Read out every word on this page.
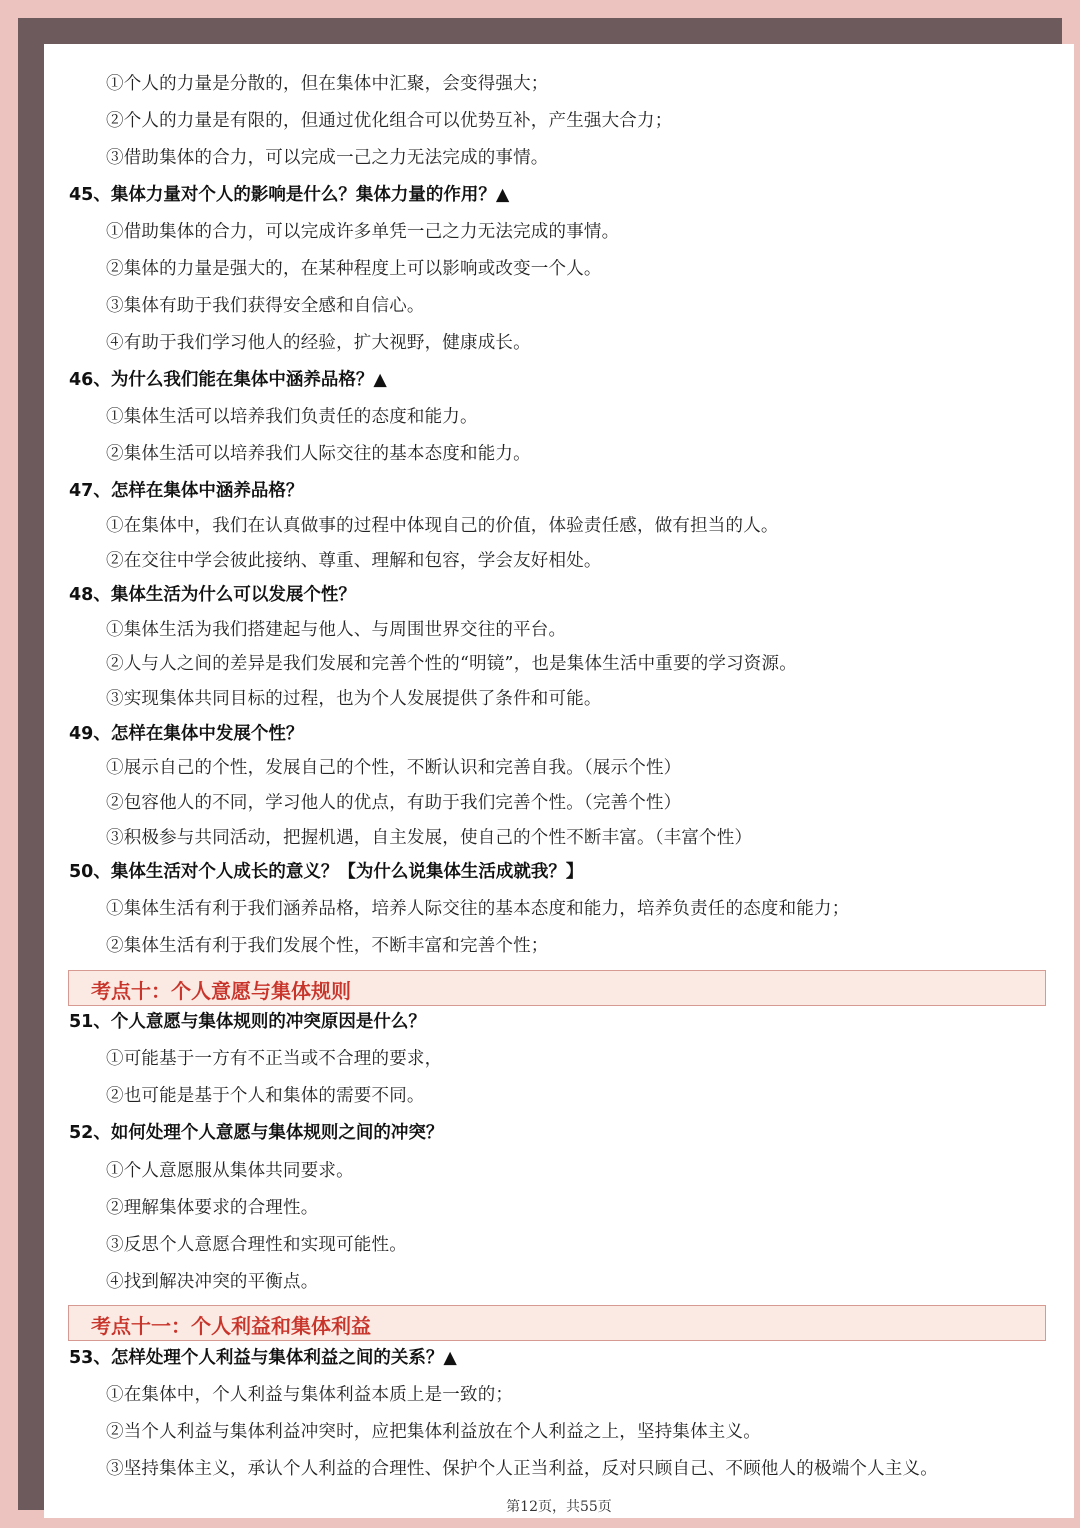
①个人的力量是分散的，但在集体中汇聚，会变得强大；
②个人的力量是有限的，但通过优化组合可以优势互补，产生强大合力；
③借助集体的合力，可以完成一己之力无法完成的事情。
45、集体力量对个人的影响是什么？集体力量的作用？▲
①借助集体的合力，可以完成许多单凭一己之力无法完成的事情。
②集体的力量是强大的，在某种程度上可以影响或改变一个人。
③集体有助于我们获得安全感和自信心。
④有助于我们学习他人的经验，扩大视野，健康成长。
46、为什么我们能在集体中涵养品格？▲
①集体生活可以培养我们负责任的态度和能力。
②集体生活可以培养我们人际交往的基本态度和能力。
47、怎样在集体中涵养品格？
①在集体中，我们在认真做事的过程中体现自己的价值，体验责任感，做有担当的人。
②在交往中学会彼此接纳、尊重、理解和包容，学会友好相处。
48、集体生活为什么可以发展个性？
①集体生活为我们搭建起与他人、与周围世界交往的平台。
②人与人之间的差异是我们发展和完善个性的“明镜”，也是集体生活中重要的学习资源。
③实现集体共同目标的过程，也为个人发展提供了条件和可能。
49、怎样在集体中发展个性？
①展示自己的个性，发展自己的个性，不断认识和完善自我。（展示个性）
②包容他人的不同，学习他人的优点，有助于我们完善个性。（完善个性）
③积极参与共同活动，把握机遇，自主发展，使自己的个性不断丰富。（丰富个性）
50、集体生活对个人成长的意义？【为什么说集体生活成就我？】
①集体生活有利于我们涵养品格，培养人际交往的基本态度和能力，培养负责任的态度和能力；
②集体生活有利于我们发展个性，不断丰富和完善个性；
考点十：个人意愿与集体规则
51、个人意愿与集体规则的冲突原因是什么？
①可能基于一方有不正当或不合理的要求，
②也可能是基于个人和集体的需要不同。
52、如何处理个人意愿与集体规则之间的冲突？
①个人意愿服从集体共同要求。
②理解集体要求的合理性。
③反思个人意愿合理性和实现可能性。
④找到解决冲突的平衡点。
考点十一：个人利益和集体利益
53、怎样处理个人利益与集体利益之间的关系？▲
①在集体中，个人利益与集体利益本质上是一致的；
②当个人利益与集体利益冲突时，应把集体利益放在个人利益之上，坚持集体主义。
③坚持集体主义，承认个人利益的合理性、保护个人正当利益，反对只顾自己、不顾他人的极端个人主义。
第12页，共55页
